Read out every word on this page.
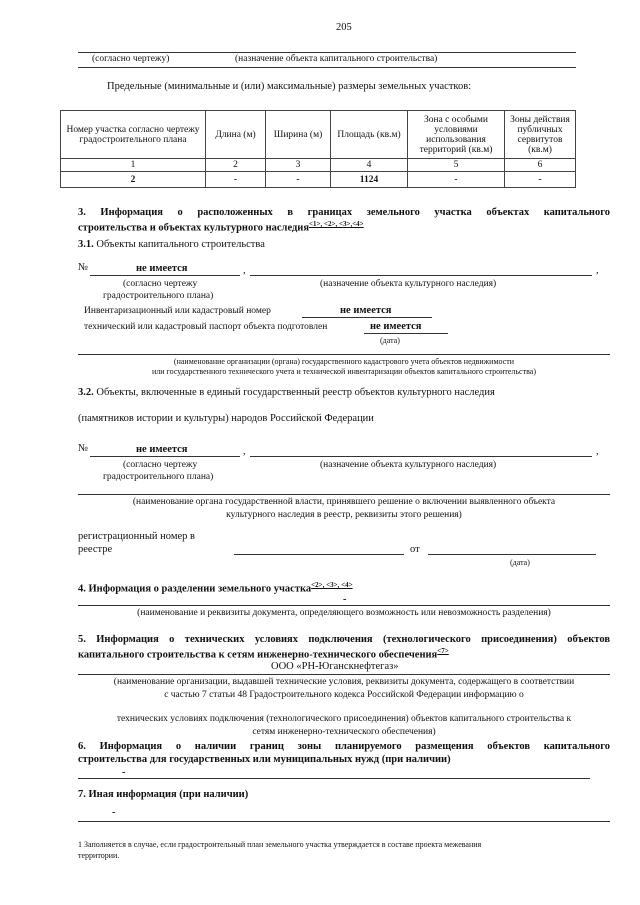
205
(согласно чертежу)	(назначение объекта капитального строительства)
Предельные (минимальные и (или) максимальные) размеры земельных участков:
Номер участка согласно чертежу градостроительного плана	Длина (м)	Ширина (м)	Площадь (кв.м)	Зона с особыми условиями использования территорий (кв.м)	Зоны действия публичных сервитутов (кв.м)
1	2	3	4	5	6
2	-	-	1124	-	-
3. Информация о расположенных в границах земельного участка объектах капитального
строительства и объектах культурного наследия$^{<1>, <2>, <3>,<4>}$
3.1. Объекты капитального строительства
№	не имеется	,	,
(согласно чертежу	(назначение объекта культурного наследия)
градостроительного плана)
Инвентаризационный или кадастровый номер	не имеется
технический или кадастровый паспорт объекта подготовлен	не имеется
(дата)
(наименование организации (органа) государственного кадастрового учета объектов недвижимости
или государственного технического учета и технической инвентаризации объектов капитального строительства)
3.2. Объекты, включенные в единый государственный реестр объектов культурного наследия
(памятников истории и культуры) народов Российской Федерации
№	не имеется	,	,
(согласно чертежу	(назначение объекта культурного наследия)
градостроительного плана)
(наименование органа государственной власти, принявшего решение о включении выявленного объекта
культурного наследия в реестр, реквизиты этого решения)
регистрационный номер в
реестре	от
(дата)
4. Информация о разделении земельного участка$^{<2>, <3>, <4>}$
-
(наименование и реквизиты документа, определяющего возможность или невозможность разделения)
5. Информация о технических условиях подключения (технологического присоединения) объектов
капитального строительства к сетям инженерно-технического обеспечения$^{<7>}$
ООО «РН-Юганскнефтегаз»
(наименование организации, выдавшей технические условия, реквизиты документа, содержащего в соответствии
с частью 7 статьи 48 Градостроительного кодекса Российской Федерации информацию о
технических условиях подключения (технологического присоединения) объектов капитального строительства к
сетям инженерно-технического обеспечения)
6. Информация о наличии границ зоны планируемого размещения объектов капитального
строительства для государственных или муниципальных нужд (при наличии)
-
7. Иная информация (при наличии)
-
1 Заполняется в случае, если градостроительный план земельного участка утверждается в составе проекта межевания
территории.
